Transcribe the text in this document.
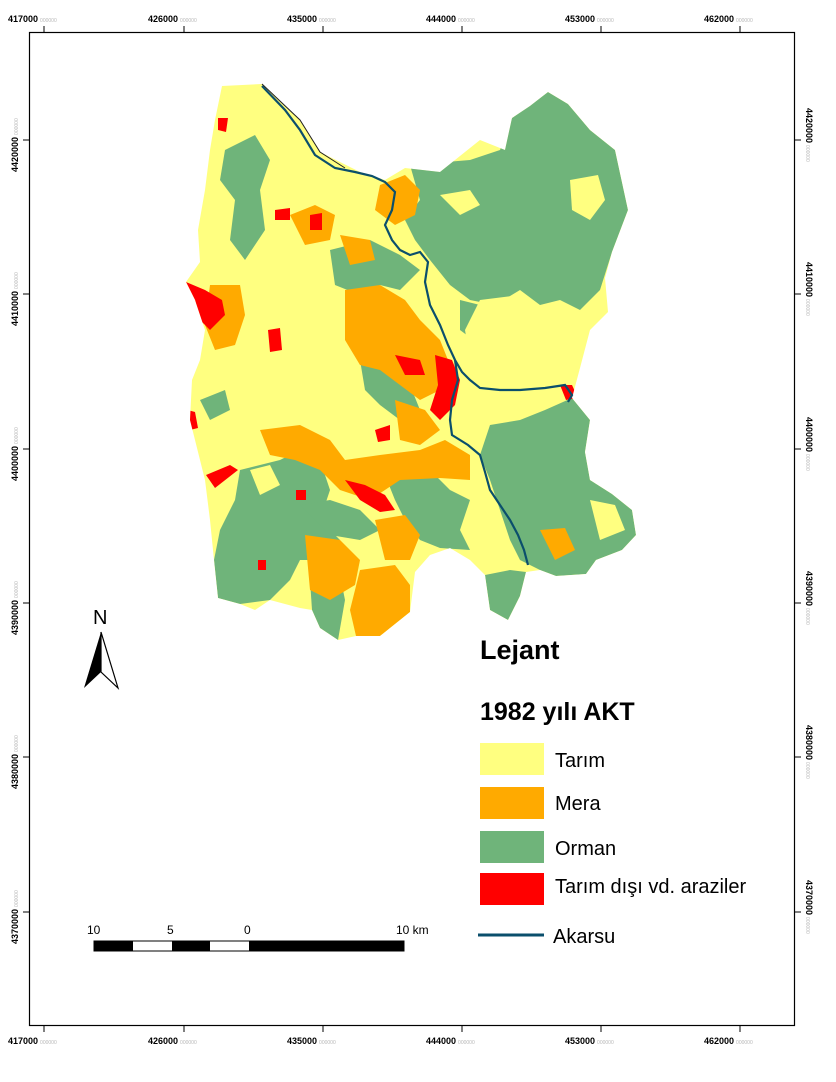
417000 000000	426000 000000	435000 000000	444000 000000	453000 000000	462000 000000
417000 000000	426000 000000	435000 000000	444000 000000	453000 000000	462000 000000
4420000000000
4410000000000
4400000000000
4390000000000
4380000000000
4370000000000
4420000000000
4410000000000
4400000000000
4390000000000
4380000000000
4370000000000
N
10	5	0	10 km
Lejant
1982 yılı AKT
Tarım
Mera
Orman
Tarım dışı vd. araziler
Akarsu
